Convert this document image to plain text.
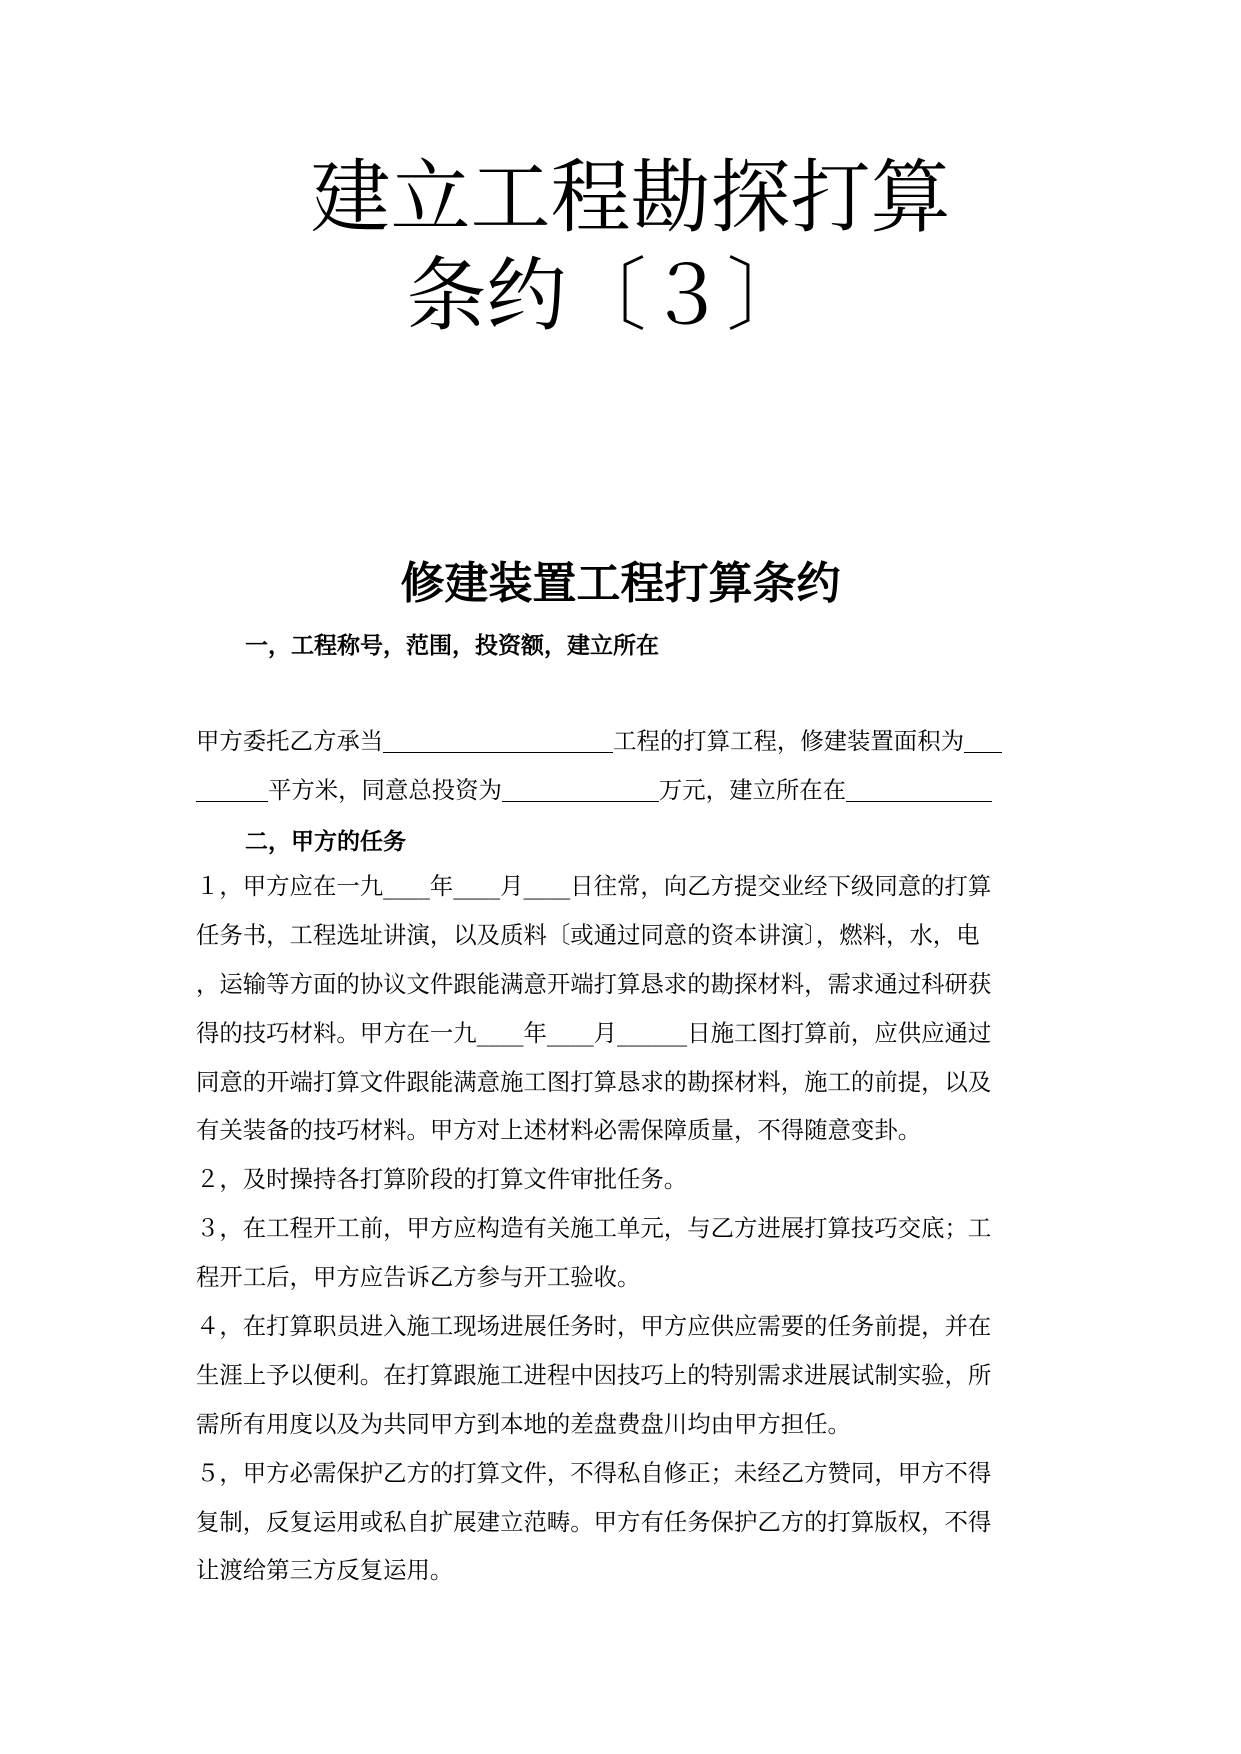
建立工程勘探打算
条约〔３〕
修建装置工程打算条约
一，工程称号，范围，投资额，建立所在
甲方委托乙方承当	工程的打算工程，修建装置面积为
平方米，同意总投资为	万元，建立所在在
二，甲方的任务
１，甲方应在一九____年____月____日往常，向乙方提交业经下级同意的打算
任务书，工程选址讲演，以及质料〔或通过同意的资本讲演〕，燃料，水，电
，运输等方面的协议文件跟能满意开端打算恳求的勘探材料，需求通过科研获
得的技巧材料。甲方在一九____年____月______日施工图打算前，应供应通过
同意的开端打算文件跟能满意施工图打算恳求的勘探材料，施工的前提，以及
有关装备的技巧材料。甲方对上述材料必需保障质量，不得随意变卦。
２，及时操持各打算阶段的打算文件审批任务。
３，在工程开工前，甲方应构造有关施工单元，与乙方进展打算技巧交底；工
程开工后，甲方应告诉乙方参与开工验收。
４，在打算职员进入施工现场进展任务时，甲方应供应需要的任务前提，并在
生涯上予以便利。在打算跟施工进程中因技巧上的特别需求进展试制实验，所
需所有用度以及为共同甲方到本地的差盘费盘川均由甲方担任。
５，甲方必需保护乙方的打算文件，不得私自修正；未经乙方赞同，甲方不得
复制，反复运用或私自扩展建立范畴。甲方有任务保护乙方的打算版权，不得
让渡给第三方反复运用。
